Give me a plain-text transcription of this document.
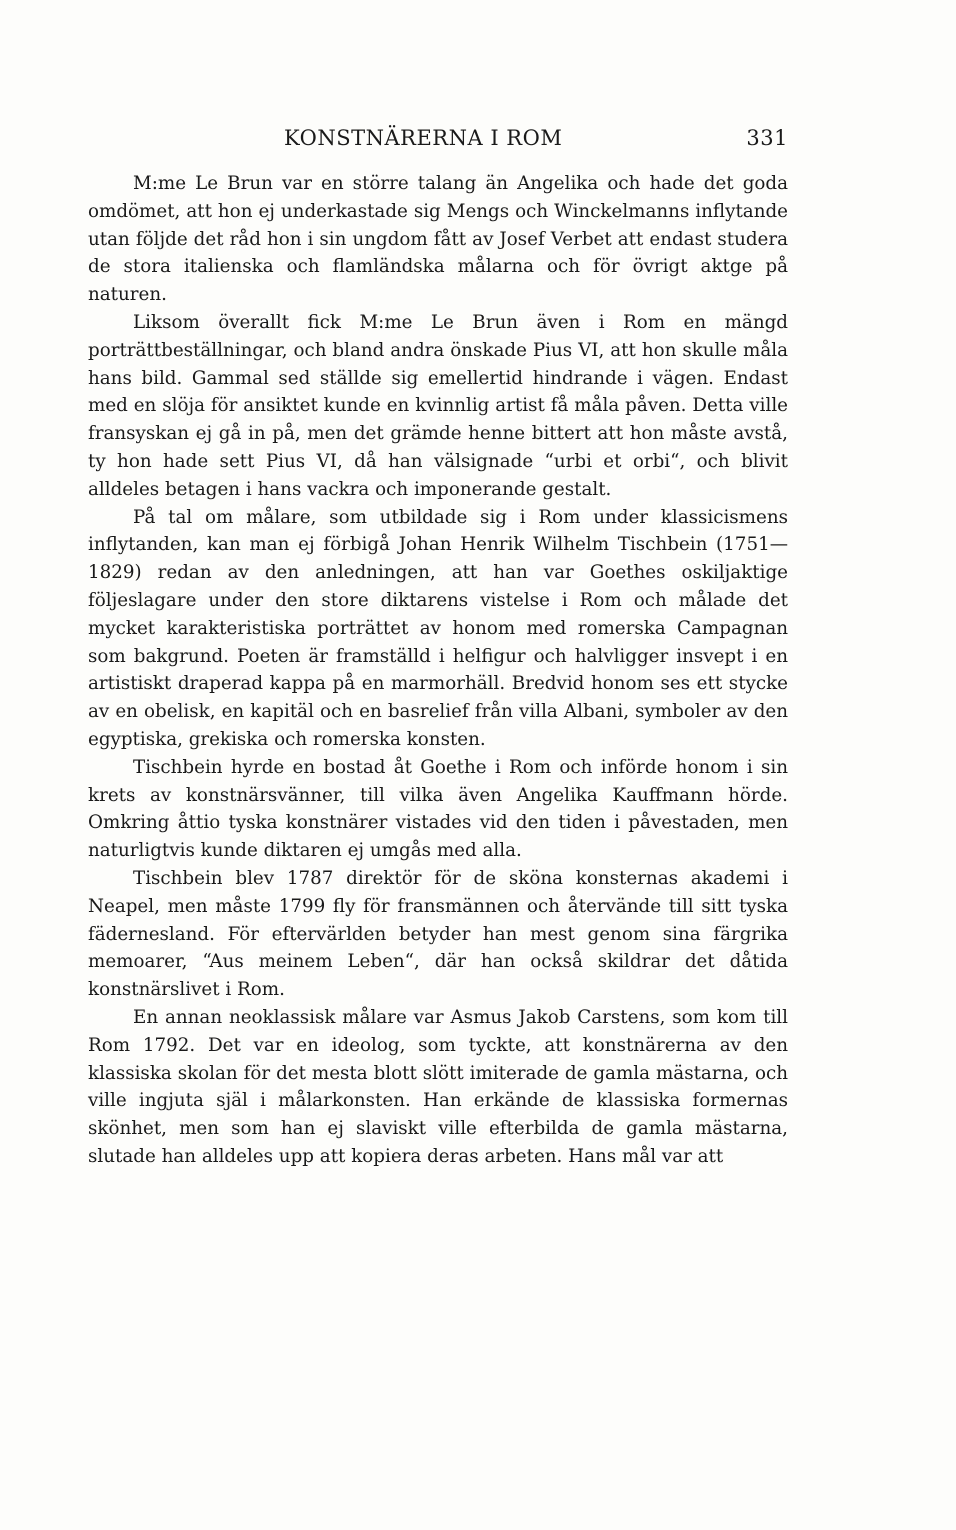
KONSTNÄRERNA I ROM	331

M:me Le Brun var en större talang än Angelika och hade det goda omdömet, att hon ej underkastade sig Mengs och Winckelmanns inflytande utan följde det råd hon i sin ungdom fått av Josef Verbet att endast studera de stora italienska och flamländska målarna och för övrigt aktge på naturen.

Liksom överallt fick M:me Le Brun även i Rom en mängd porträttbeställningar, och bland andra önskade Pius VI, att hon skulle måla hans bild. Gammal sed ställde sig emellertid hindrande i vägen. Endast med en slöja för ansiktet kunde en kvinnlig artist få måla påven. Detta ville fransyskan ej gå in på, men det grämde henne bittert att hon måste avstå, ty hon hade sett Pius VI, då han välsignade “urbi et orbi“, och blivit alldeles betagen i hans vackra och imponerande gestalt.

På tal om målare, som utbildade sig i Rom under klassicismens inflytanden, kan man ej förbigå Johan Henrik Wilhelm Tischbein (1751—1829) redan av den anledningen, att han var Goethes oskiljaktige följeslagare under den store diktarens vistelse i Rom och målade det mycket karakteristiska porträttet av honom med romerska Campagnan som bakgrund. Poeten är framställd i helfigur och halvligger insvept i en artistiskt draperad kappa på en marmorhäll. Bredvid honom ses ett stycke av en obelisk, en kapitäl och en basrelief från villa Albani, symboler av den egyptiska, grekiska och romerska konsten.

Tischbein hyrde en bostad åt Goethe i Rom och införde honom i sin krets av konstnärsvänner, till vilka även Angelika Kauffmann hörde. Omkring åttio tyska konstnärer vistades vid den tiden i påvestaden, men naturligtvis kunde diktaren ej umgås med alla.

Tischbein blev 1787 direktör för de sköna konsternas akademi i Neapel, men måste 1799 fly för fransmännen och återvände till sitt tyska fädernesland. För eftervärlden betyder han mest genom sina färgrika memoarer, “Aus meinem Leben“, där han också skildrar det dåtida konstnärslivet i Rom.

En annan neoklassisk målare var Asmus Jakob Carstens, som kom till Rom 1792. Det var en ideolog, som tyckte, att konstnärerna av den klassiska skolan för det mesta blott slött imiterade de gamla mästarna, och ville ingjuta själ i målarkonsten. Han erkände de klassiska formernas skönhet, men som han ej slaviskt ville efterbilda de gamla mästarna, slutade han alldeles upp att kopiera deras arbeten. Hans mål var att
